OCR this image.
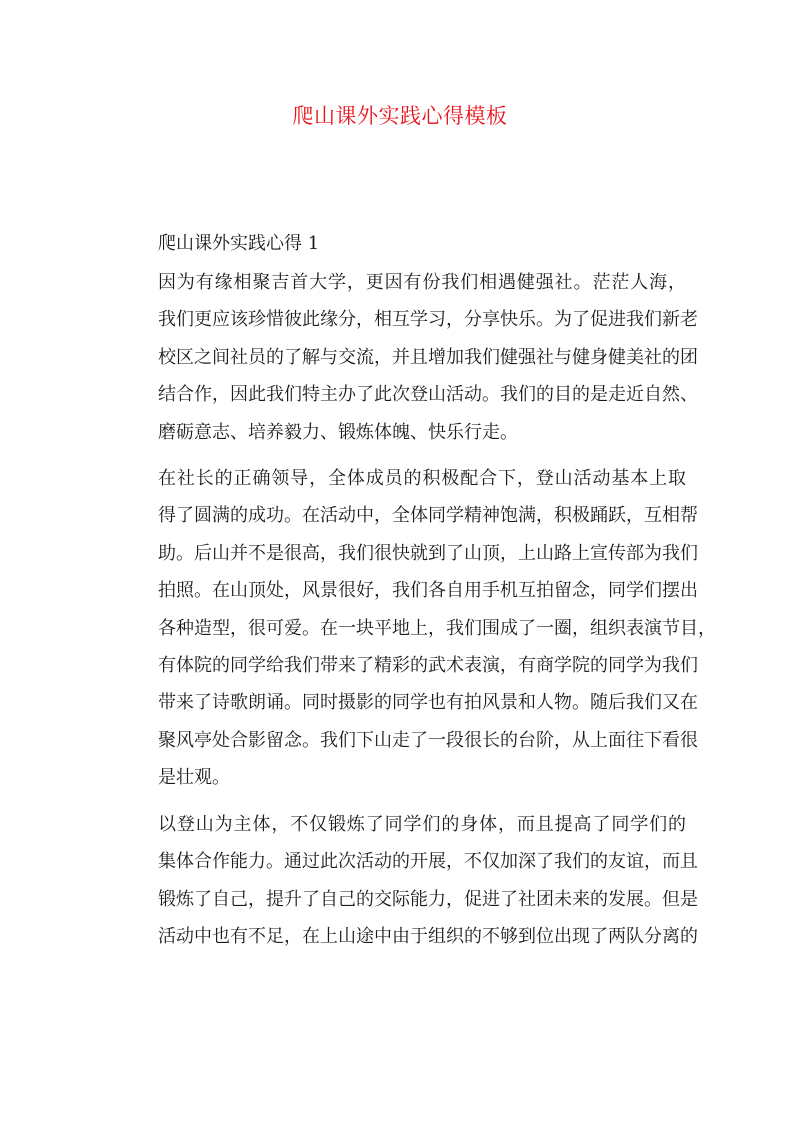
爬山课外实践心得模板
爬山课外实践心得 1

因为有缘相聚吉首大学，更因有份我们相遇健强社。茫茫人海，
我们更应该珍惜彼此缘分，相互学习，分享快乐。为了促进我们新老
校区之间社员的了解与交流，并且增加我们健强社与健身健美社的团
结合作，因此我们特主办了此次登山活动。我们的目的是走近自然、
磨砺意志、培养毅力、锻炼体魄、快乐行走。

在社长的正确领导，全体成员的积极配合下，登山活动基本上取
得了圆满的成功。在活动中，全体同学精神饱满，积极踊跃，互相帮
助。后山并不是很高，我们很快就到了山顶，上山路上宣传部为我们
拍照。在山顶处，风景很好，我们各自用手机互拍留念，同学们摆出
各种造型，很可爱。在一块平地上，我们围成了一圈，组织表演节目，
有体院的同学给我们带来了精彩的武术表演，有商学院的同学为我们
带来了诗歌朗诵。同时摄影的同学也有拍风景和人物。随后我们又在
聚风亭处合影留念。我们下山走了一段很长的台阶，从上面往下看很
是壮观。

以登山为主体，不仅锻炼了同学们的身体，而且提高了同学们的
集体合作能力。通过此次活动的开展，不仅加深了我们的友谊，而且
锻炼了自己，提升了自己的交际能力，促进了社团未来的发展。但是
活动中也有不足，在上山途中由于组织的不够到位出现了两队分离的
